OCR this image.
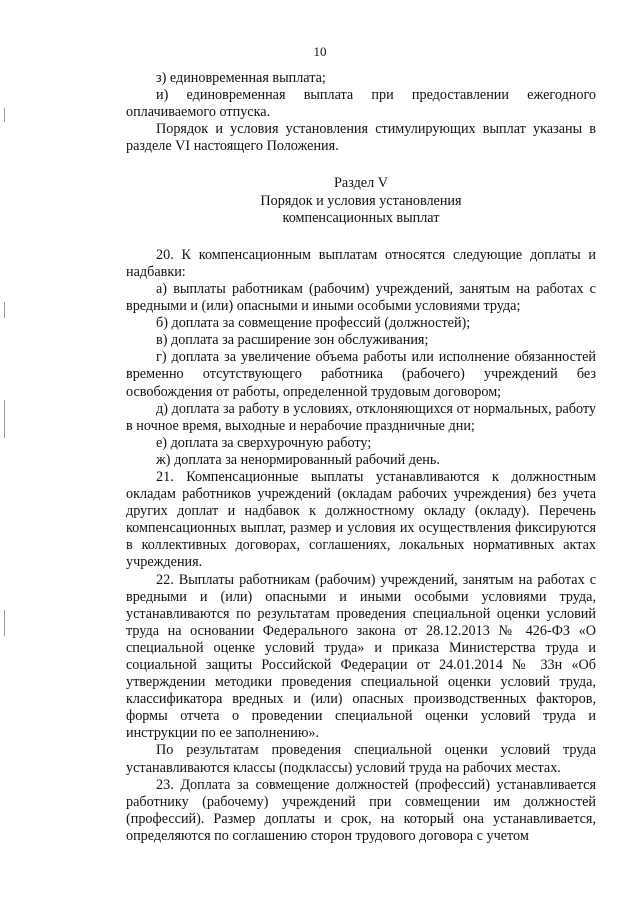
10

з) единовременная выплата;

и) единовременная выплата при предоставлении ежегодного оплачиваемого отпуска.

Порядок и условия установления стимулирующих выплат указаны в разделе VI настоящего Положения.

Раздел V

Порядок и условия установления

компенсационных выплат

20. К компенсационным выплатам относятся следующие доплаты и надбавки:

а) выплаты работникам (рабочим) учреждений, занятым на работах с вредными и (или) опасными и иными особыми условиями труда;

б) доплата за совмещение профессий (должностей);

в) доплата за расширение зон обслуживания;

г) доплата за увеличение объема работы или исполнение обязанностей временно отсутствующего работника (рабочего) учреждений без освобождения от работы, определенной трудовым договором;

д) доплата за работу в условиях, отклоняющихся от нормальных, работу в ночное время, выходные и нерабочие праздничные дни;

е) доплата за сверхурочную работу;

ж) доплата за ненормированный рабочий день.

21. Компенсационные выплаты устанавливаются к должностным окладам работников учреждений (окладам рабочих учреждения) без учета других доплат и надбавок к должностному окладу (окладу). Перечень компенсационных выплат, размер и условия их осуществления фиксируются в коллективных договорах, соглашениях, локальных нормативных актах учреждения.

22. Выплаты работникам (рабочим) учреждений, занятым на работах с вредными и (или) опасными и иными особыми условиями труда, устанавливаются по результатам проведения специальной оценки условий труда на основании Федерального закона от 28.12.2013 № 426-ФЗ «О специальной оценке условий труда» и приказа Министерства труда и социальной защиты Российской Федерации от 24.01.2014 № 33н «Об утверждении методики проведения специальной оценки условий труда, классификатора вредных и (или) опасных производственных факторов, формы отчета о проведении специальной оценки условий труда и инструкции по ее заполнению».

По результатам проведения специальной оценки условий труда устанавливаются классы (подклассы) условий труда на рабочих местах.

23. Доплата за совмещение должностей (профессий) устанавливается работнику (рабочему) учреждений при совмещении им должностей (профессий). Размер доплаты и срок, на который она устанавливается, определяются по соглашению сторон трудового договора с учетом
